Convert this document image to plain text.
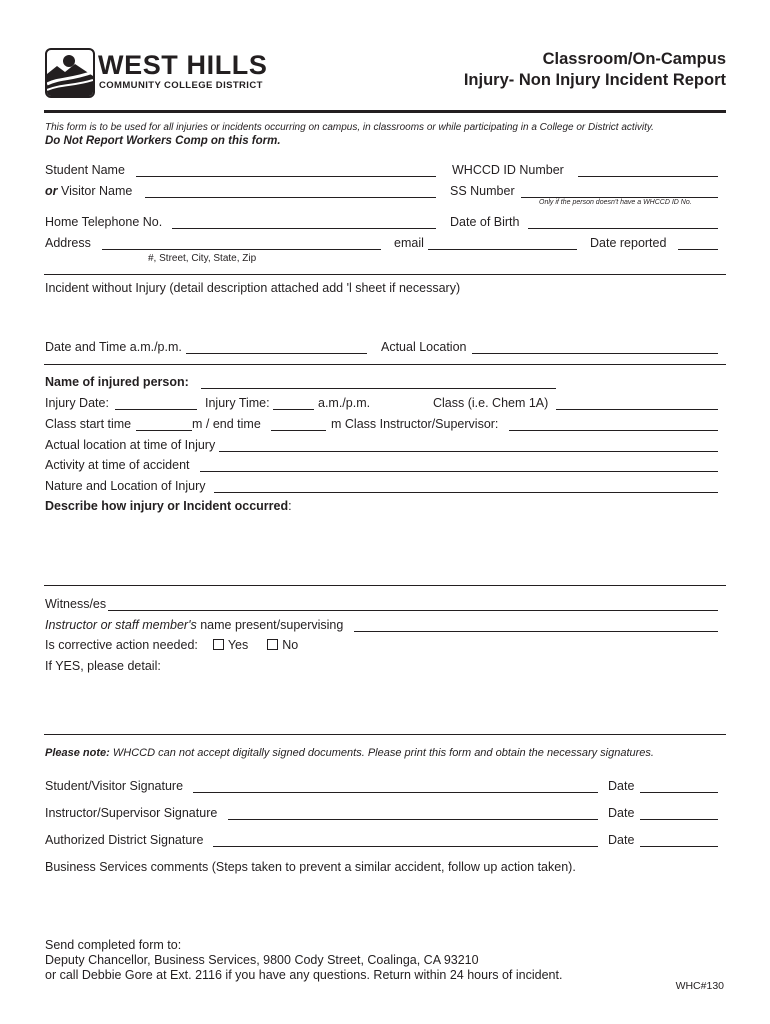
WEST HILLS
COMMUNITY COLLEGE DISTRICT
Classroom/On-Campus
Injury- Non Injury Incident Report
This form is to be used for all injuries or incidents occurring on campus, in classrooms or while participating in a College or District activity.
Do Not Report Workers Comp on this form.
Student Name	WHCCD ID Number
or Visitor Name	SS Number
Only if the person doesn't have a WHCCD ID No.
Home Telephone No.	Date of Birth
Address	email	Date reported
#, Street, City, State, Zip
Incident without Injury (detail description attached add 'l sheet if necessary)
Date and Time a.m./p.m.	Actual Location
Name of injured person:
Injury Date:	Injury Time:	a.m./p.m.	Class (i.e. Chem 1A)
Class start time	m / end time	m Class Instructor/Supervisor:
Actual location at time of Injury
Activity at time of accident
Nature and Location of Injury
Describe how injury or Incident occurred:
Witness/es
Instructor or staff member's name present/supervising
Is corrective action needed: Yes	No
If YES, please detail:
Please note: WHCCD can not accept digitally signed documents. Please print this form and obtain the necessary signatures.
Student/Visitor Signature	Date
Instructor/Supervisor Signature	Date
Authorized District Signature	Date
Business Services comments (Steps taken to prevent a similar accident, follow up action taken).
Send completed form to:
Deputy Chancellor, Business Services, 9800 Cody Street, Coalinga, CA 93210
or call Debbie Gore at Ext. 2116 if you have any questions. Return within 24 hours of incident.
WHC#130
